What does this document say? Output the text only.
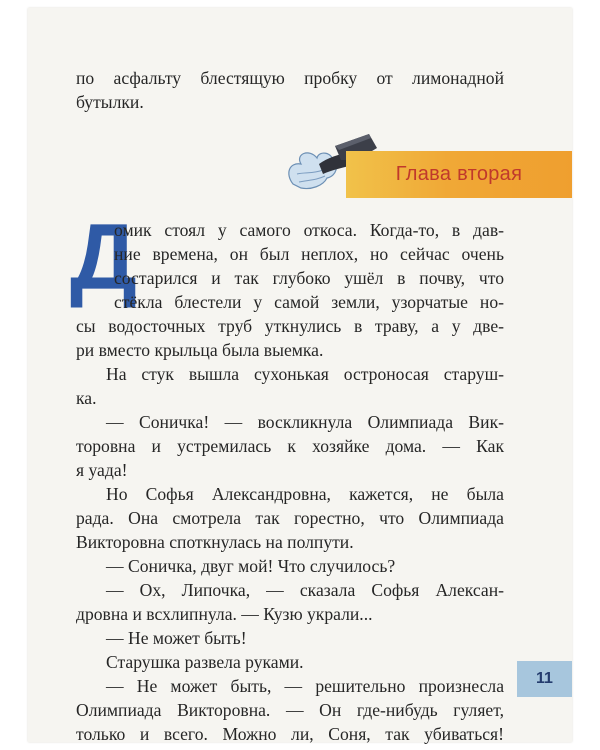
по асфальту блестящую пробку от лимонадной
бутылки.
Глава вторая
Д
омик стоял у самого откоса. Когда-то, в дав-
ние времена, он был неплох, но сейчас очень
состарился и так глубоко ушёл в почву, что
стёкла блестели у самой земли, узорчатые но-
сы водосточных труб уткнулись в траву, а у две-
ри вместо крыльца была выемка.
На стук вышла сухонькая остроносая старуш-
ка.
— Соничка! — воскликнула Олимпиада Вик-
торовна и устремилась к хозяйке дома. — Как
я уада!
Но Софья Александровна, кажется, не была
рада. Она смотрела так горестно, что Олимпиада
Викторовна споткнулась на полпути.
— Соничка, двуг мой! Что случилось?
— Ох, Липочка, — сказала Софья Алексан-
дровна и всхлипнула. — Кузю украли...
— Не может быть!
Старушка развела руками.
— Не может быть, — решительно произнесла
Олимпиада Викторовна. — Он где-нибудь гуляет,
только и всего. Можно ли, Соня, так убиваться!
11
